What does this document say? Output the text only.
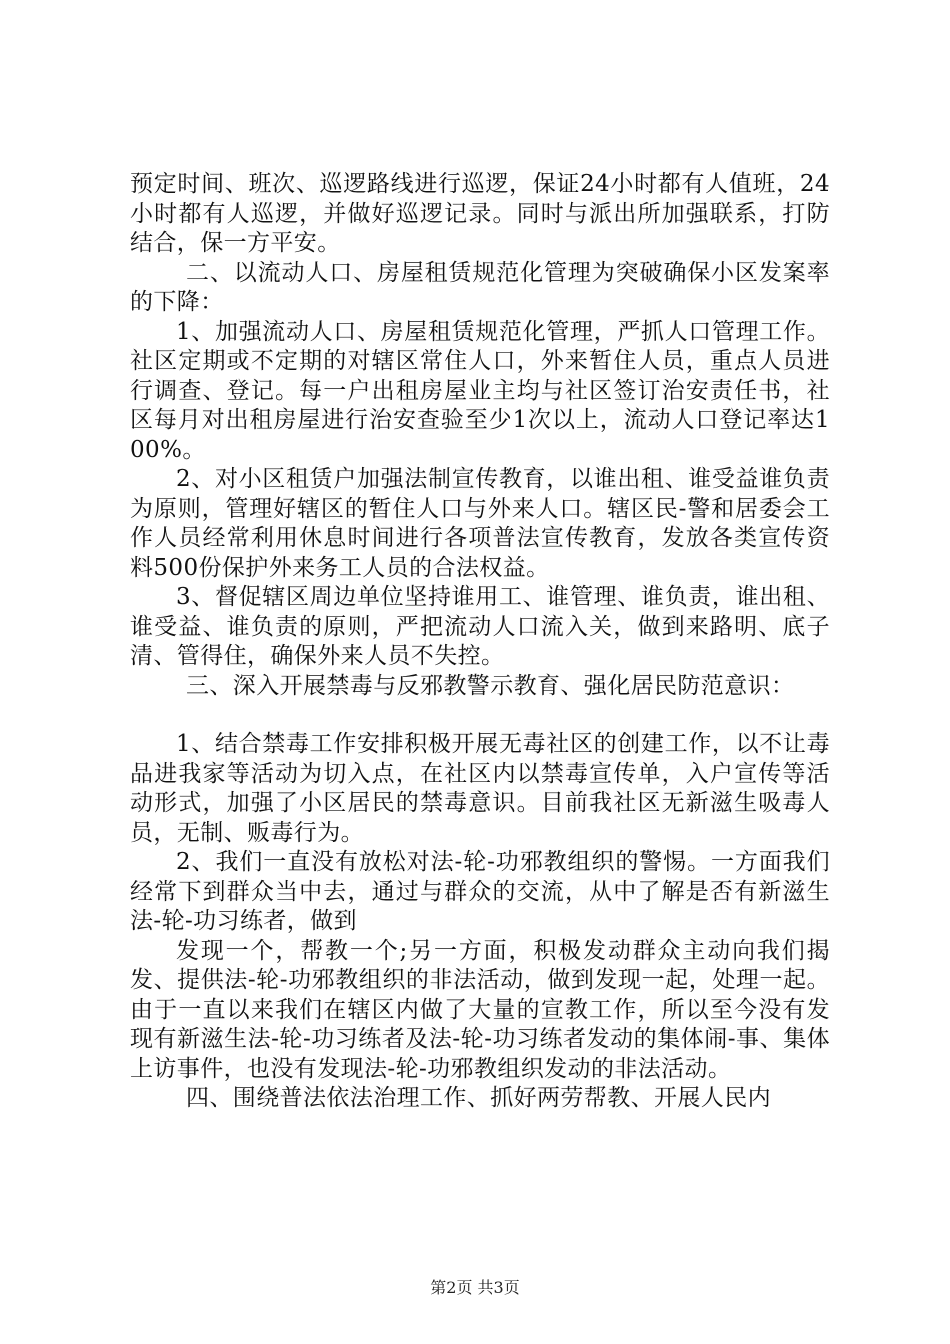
预定时间、班次、巡逻路线进行巡逻，保证24小时都有人值班，24小时都有人巡逻，并做好巡逻记录。同时与派出所加强联系，打防结合，保一方平安。

二、以流动人口、房屋租赁规范化管理为突破确保小区发案率的下降：

1、加强流动人口、房屋租赁规范化管理，严抓人口管理工作。社区定期或不定期的对辖区常住人口，外来暂住人员，重点人员进行调查、登记。每一户出租房屋业主均与社区签订治安责任书，社区每月对出租房屋进行治安查验至少1次以上，流动人口登记率达100%。

2、对小区租赁户加强法制宣传教育，以谁出租、谁受益谁负责为原则，管理好辖区的暂住人口与外来人口。辖区民-警和居委会工作人员经常利用休息时间进行各项普法宣传教育，发放各类宣传资料500份保护外来务工人员的合法权益。

3、督促辖区周边单位坚持谁用工、谁管理、谁负责，谁出租、谁受益、谁负责的原则，严把流动人口流入关，做到来路明、底子清、管得住，确保外来人员不失控。

三、深入开展禁毒与反邪教警示教育、强化居民防范意识：

1、结合禁毒工作安排积极开展无毒社区的创建工作，以不让毒品进我家等活动为切入点，在社区内以禁毒宣传单，入户宣传等活动形式，加强了小区居民的禁毒意识。目前我社区无新滋生吸毒人员，无制、贩毒行为。

2、我们一直没有放松对法-轮-功邪教组织的警惕。一方面我们经常下到群众当中去，通过与群众的交流，从中了解是否有新滋生法-轮-功习练者，做到

发现一个，帮教一个;另一方面，积极发动群众主动向我们揭发、提供法-轮-功邪教组织的非法活动，做到发现一起，处理一起。由于一直以来我们在辖区内做了大量的宣教工作，所以至今没有发现有新滋生法-轮-功习练者及法-轮-功习练者发动的集体闹-事、集体上访事件，也没有发现法-轮-功邪教组织发动的非法活动。

四、围绕普法依法治理工作、抓好两劳帮教、开展人民内

第2页 共3页
